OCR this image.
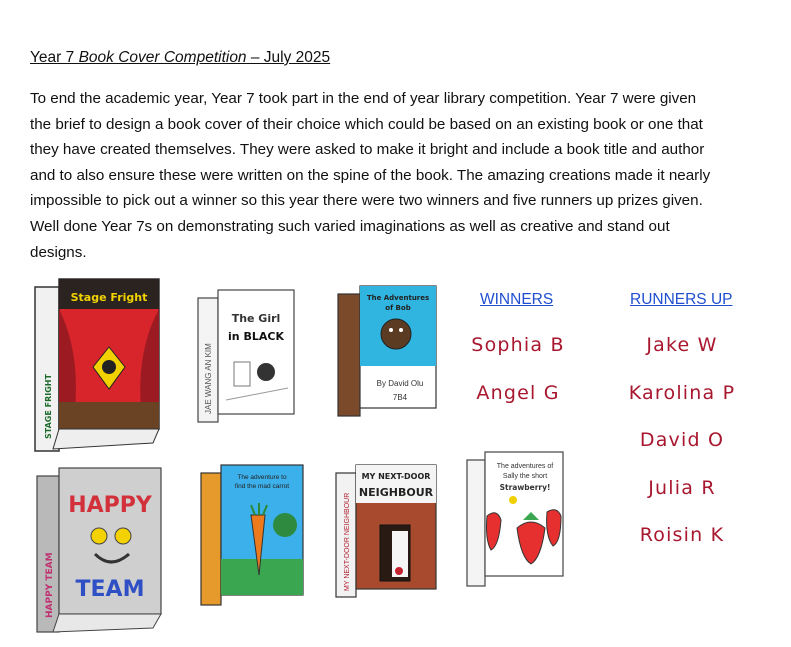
Year 7 Book Cover Competition – July 2025

To end the academic year, Year 7 took part in the end of year library competition. Year 7 were given the brief to design a book cover of their choice which could be based on an existing book or one that they have created themselves. They were asked to make it bright and include a book title and author and to also ensure these were written on the spine of the book. The amazing creations made it nearly impossible to pick out a winner so this year there were two winners and five runners up prizes given. Well done Year 7s on demonstrating such varied imaginations as well as creative and stand out designs.

Stage Fright
STAGE FRIGHT
The Girl
in BLACK
JAE WANG AN KIM
The Adventures
of Bob
By David Olu
7B4
HAPPY
TEAM
HAPPY TEAM
The adventure to
find the mad carrot
MY NEXT-DOOR
NEIGHBOUR
MY NEXT-DOOR NEIGHBOUR
The adventures of
Sally the short
Strawberry!
WINNERS
Sophia B
Angel G
RUNNERS UP
Jake W
Karolina P
David O
Julia R
Roisin K
